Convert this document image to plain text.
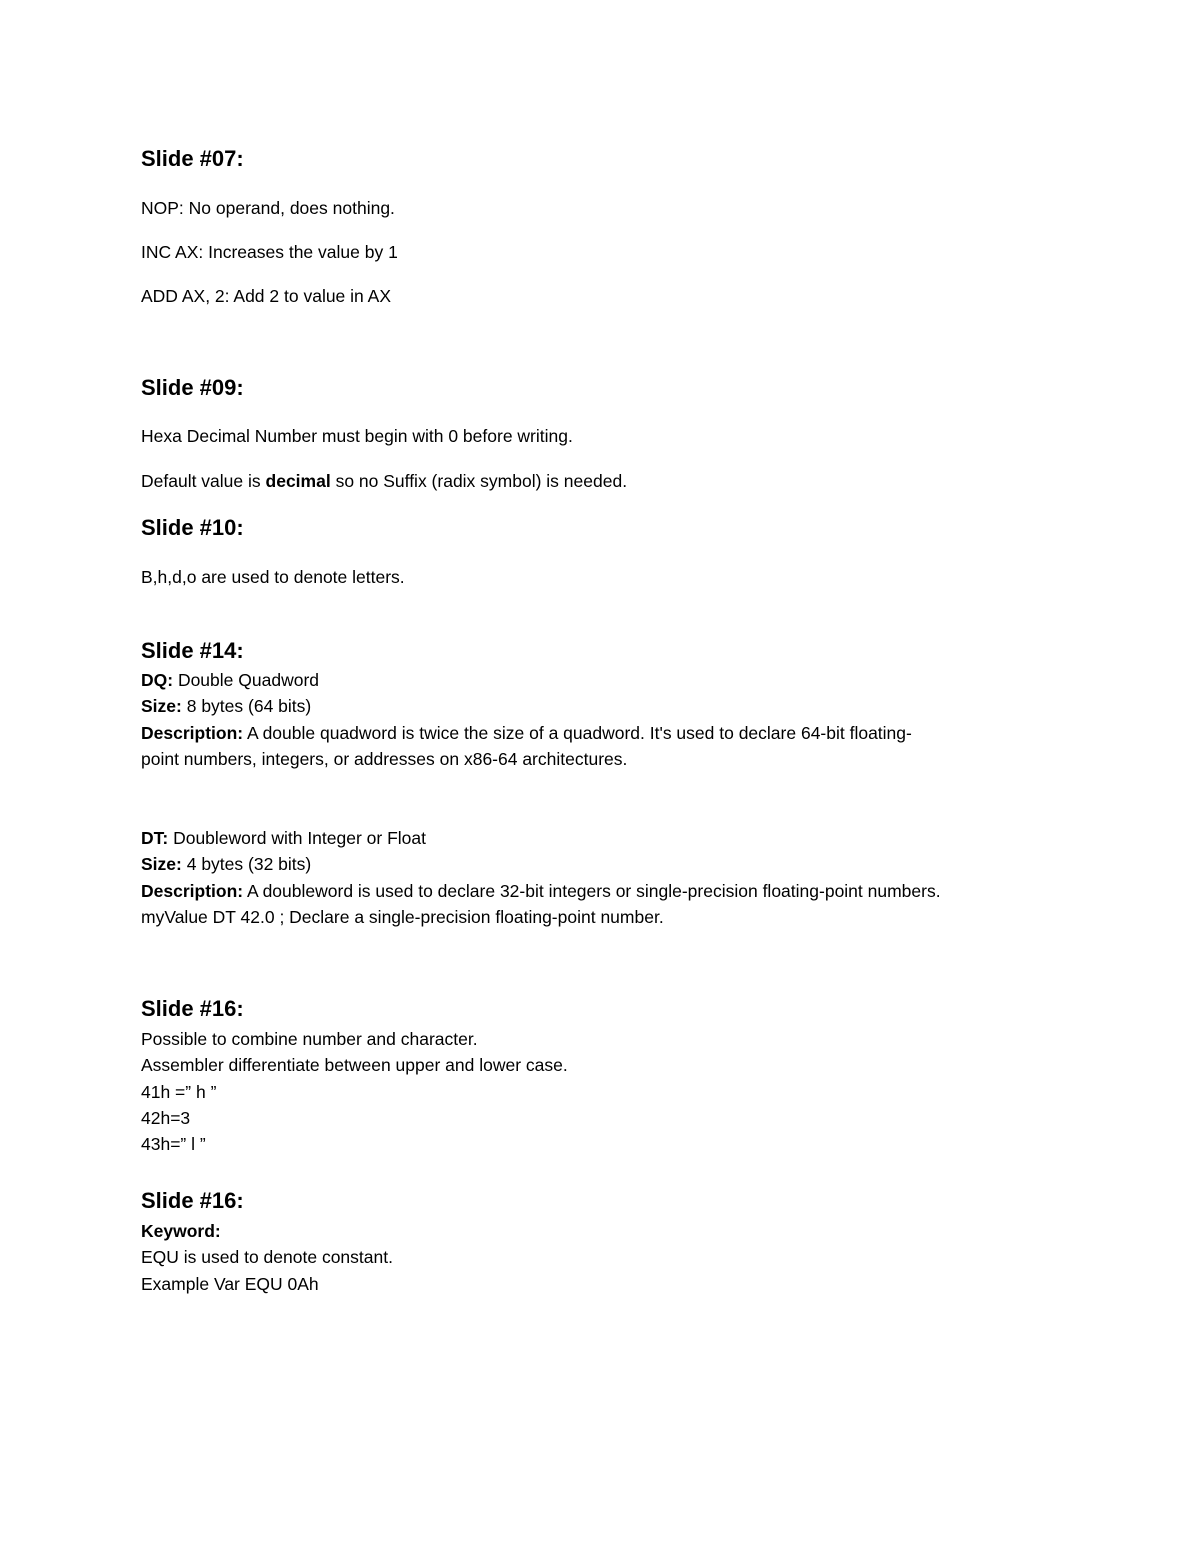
Slide #07:

NOP: No operand, does nothing.

INC AX: Increases the value by 1

ADD AX, 2: Add 2 to value in AX

Slide #09:

Hexa Decimal Number must begin with 0 before writing.

Default value is decimal so no Suffix (radix symbol) is needed.

Slide #10:

B,h,d,o are used to denote letters.

Slide #14:

DQ: Double Quadword

Size: 8 bytes (64 bits)

Description: A double quadword is twice the size of a quadword. It's used to declare 64-bit floating-

point numbers, integers, or addresses on x86-64 architectures.

DT: Doubleword with Integer or Float

Size: 4 bytes (32 bits)

Description: A doubleword is used to declare 32-bit integers or single-precision floating-point numbers.

myValue DT 42.0 ; Declare a single-precision floating-point number.

Slide #16:

Possible to combine number and character.

Assembler differentiate between upper and lower case.

41h =” h ”

42h=3

43h=” l ”

Slide #16:

Keyword:

EQU is used to denote constant.

Example Var EQU 0Ah
